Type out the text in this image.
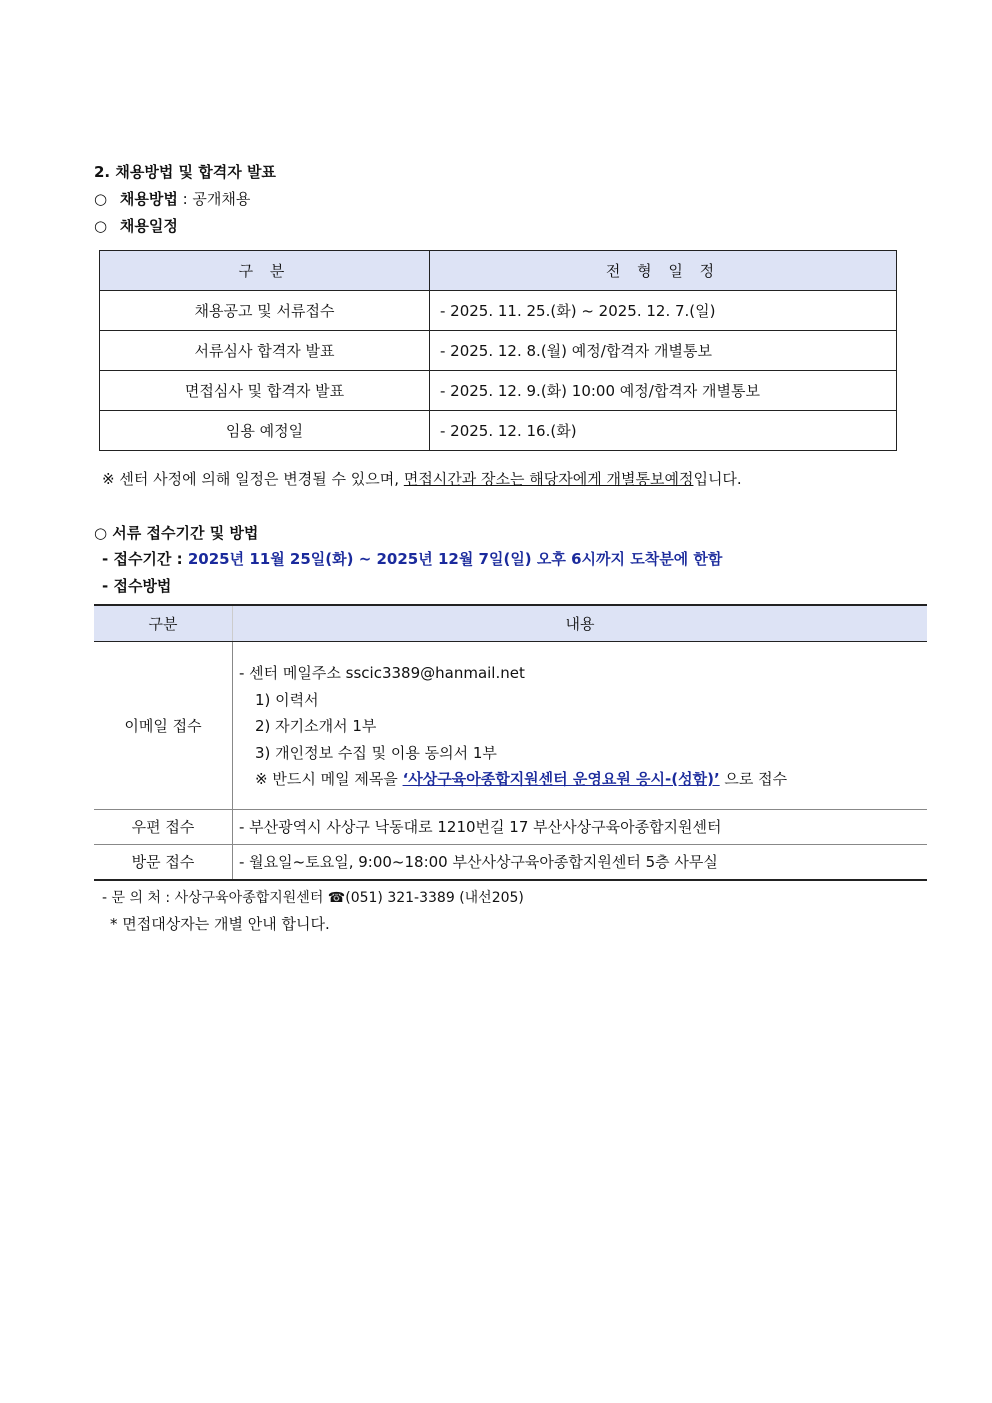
2. 채용방법 및 합격자 발표
○ 채용방법 : 공개채용
○ 채용일정
구 분	전 형 일 정
채용공고 및 서류접수	- 2025. 11. 25.(화) ~ 2025. 12. 7.(일)
서류심사 합격자 발표	- 2025. 12. 8.(월) 예정/합격자 개별통보
면접심사 및 합격자 발표	- 2025. 12. 9.(화) 10:00 예정/합격자 개별통보
임용 예정일	- 2025. 12. 16.(화)
※ 센터 사정에 의해 일정은 변경될 수 있으며, 면접시간과 장소는 해당자에게 개별통보예정입니다.
○ 서류 접수기간 및 방법
- 접수기간 : 2025년 11월 25일(화) ~ 2025년 12월 7일(일) 오후 6시까지 도착분에 한함
- 접수방법
구분	내용
이메일 접수	- 센터 메일주소 sscic3389@hanmail.net
1) 이력서
2) 자기소개서 1부
3) 개인정보 수집 및 이용 동의서 1부
※ 반드시 메일 제목을 ‘사상구육아종합지원센터 운영요원 응시-(성함)’ 으로 접수

우편 접수	- 부산광역시 사상구 낙동대로 1210번길 17 부산사상구육아종합지원센터
방문 접수	- 월요일~토요일, 9:00~18:00 부산사상구육아종합지원센터 5층 사무실
- 문 의 처 : 사상구육아종합지원센터 ☎(051) 321-3389 (내선205)
* 면접대상자는 개별 안내 합니다.
